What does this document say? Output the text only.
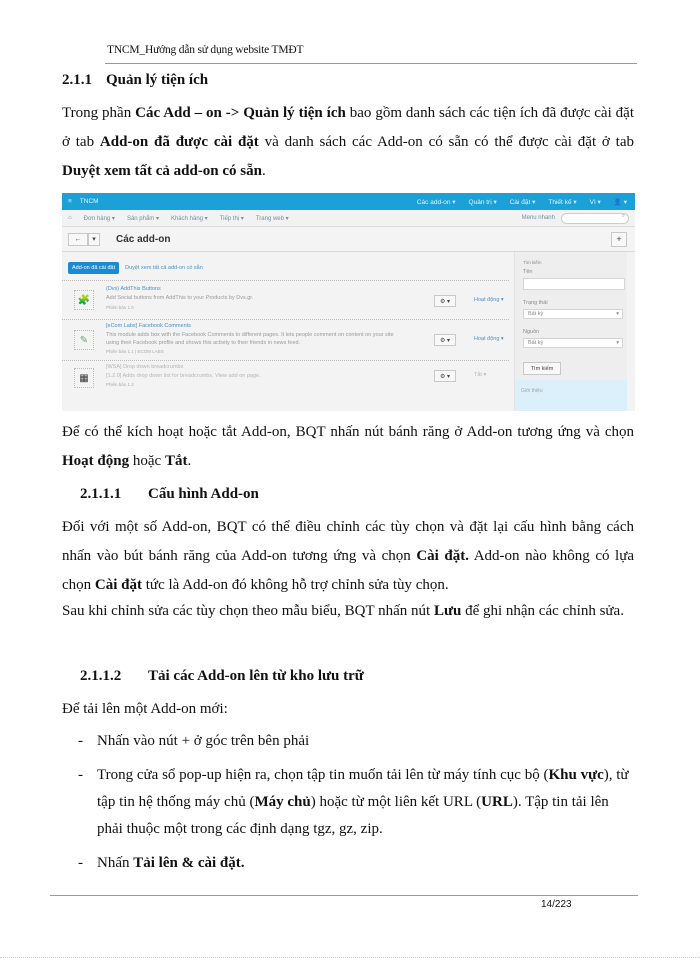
TNCM_Hướng dẫn sử dụng website TMĐT
2.1.1 Quản lý tiện ích
Trong phần Các Add – on -> Quản lý tiện ích bao gồm danh sách các tiện ích đã được cài đặt ở tab Add-on đã được cài đặt và danh sách các Add-on có sẵn có thể được cài đặt ở tab Duyệt xem tất cả add-on có sẵn.
≡ TNCM	Các add-on ▾ Quản trị ▾ Cài đặt ▾ Thiết kế ▾ VI ▾ 👤 ▾
⌂ Đơn hàng ▾ Sản phẩm ▾ Khách hàng ▾ Tiếp thị ▾ Trang web ▾	Menu nhanh	⌕
←	▾	Các add-on	+
Add-on đã cài đặt	Duyệt xem tất cả add-on có sẵn
🧩
(Dvs) AddThis Buttons
Add Social buttons from AddThis to your Products by Dvs.gr.
Phiên bản 1.0
⚙ ▾	Hoạt động ▾
✎
[eCom Labs] Facebook Comments
This module adds box with the Facebook Comments to different pages. It lets people comment on content on your site using their Facebook profile and shows this activity to their friends in news feed.
Phiên bản 1.1 | ECOM LABS
⚙ ▾	Hoạt động ▾
▦
[WSA] Drop down breadcrumbs
[1.2.0] Adds drop down list for breadcrumbs. View add on page.
Phiên bản 1.2
⚙ ▾	Tắt ▾
Tìm kiếm
Tên
Trạng thái
Bất kỳ	▾
Nguồn
Bất kỳ	▾
Tìm kiếm
Giới thiệu
Để có thể kích hoạt hoặc tắt Add-on, BQT nhấn nút bánh răng ở Add-on tương ứng và chọn Hoạt động hoặc Tắt.
2.1.1.1 Cấu hình Add-on
Đối với một số Add-on, BQT có thể điều chỉnh các tùy chọn và đặt lại cấu hình bằng cách nhấn vào bút bánh răng của Add-on tương ứng và chọn Cài đặt. Add-on nào không có lựa chọn Cài đặt tức là Add-on đó không hỗ trợ chỉnh sửa tùy chọn.
Sau khi chỉnh sửa các tùy chọn theo mẫu biểu, BQT nhấn nút Lưu để ghi nhận các chỉnh sửa.
2.1.1.2 Tải các Add-on lên từ kho lưu trữ
Để tải lên một Add-on mới:
- Nhấn vào nút + ở góc trên bên phải
- Trong cửa sổ pop-up hiện ra, chọn tập tin muốn tải lên từ máy tính cục bộ (Khu vực), từ tập tin hệ thống máy chủ (Máy chủ) hoặc từ một liên kết URL (URL). Tập tin tải lên phải thuộc một trong các định dạng tgz, gz, zip.
- Nhấn Tải lên & cài đặt.
14/223
